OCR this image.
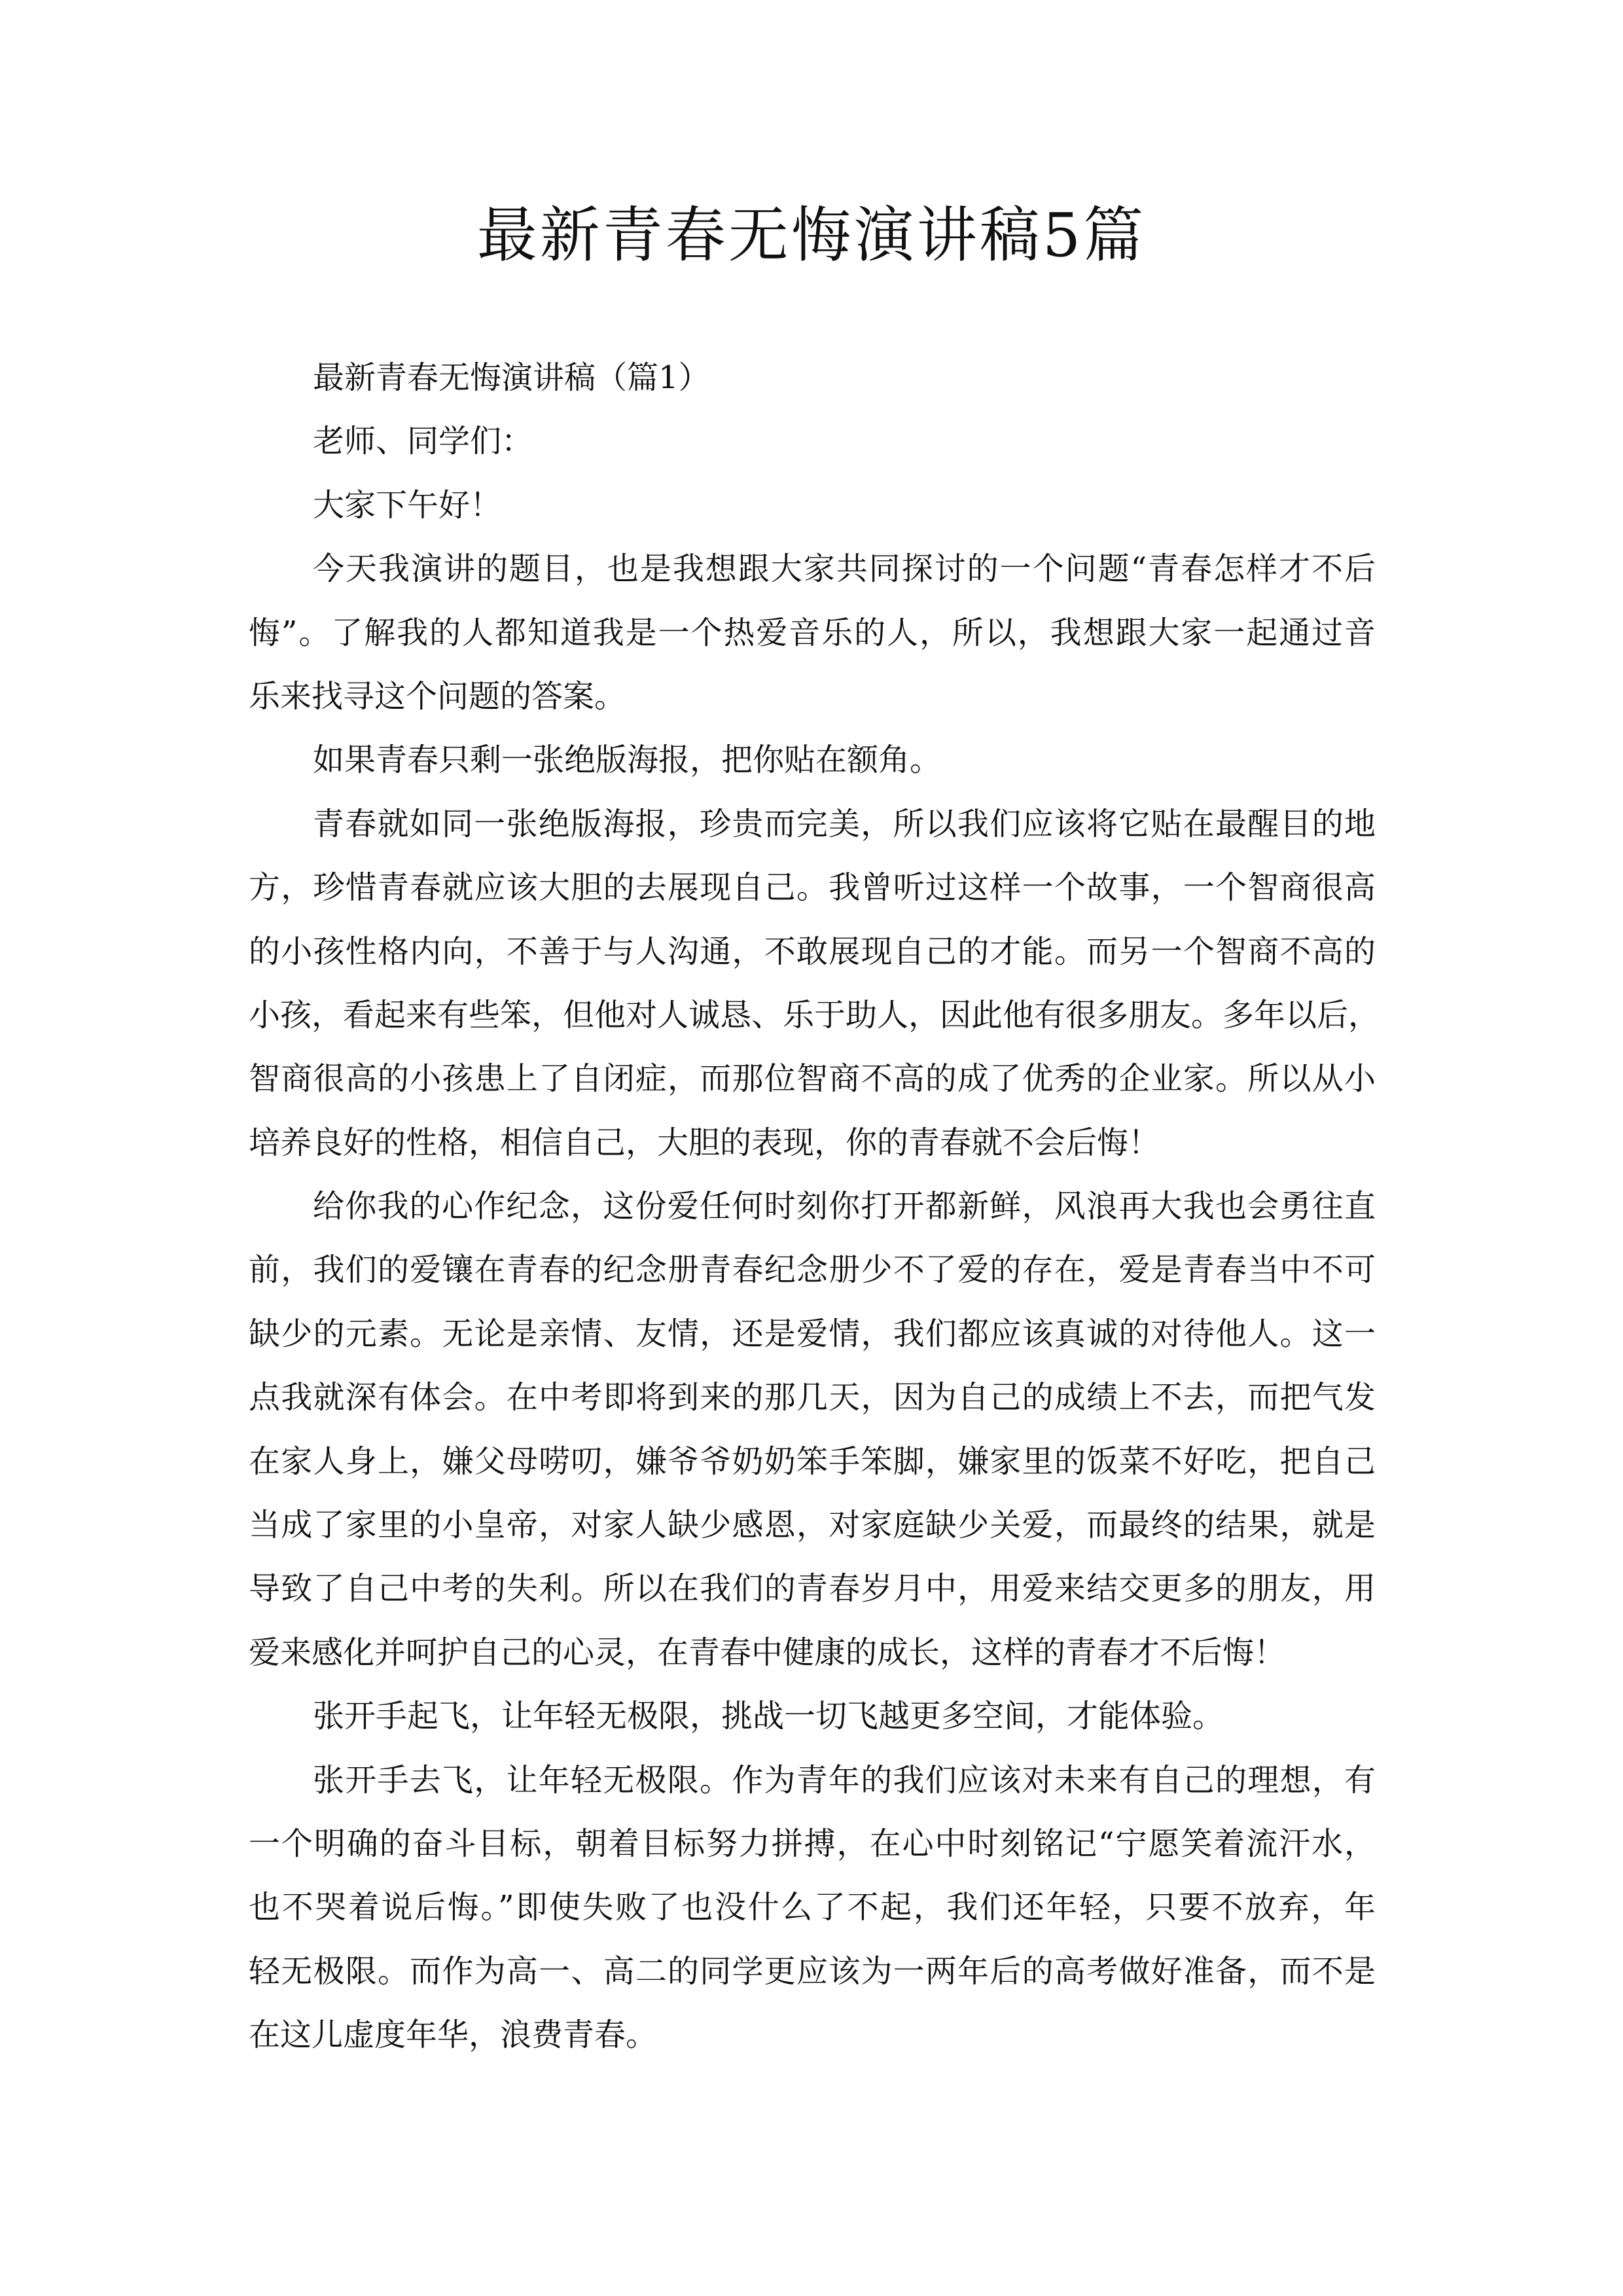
最新青春无悔演讲稿5篇
最新青春无悔演讲稿（篇1）
老师、同学们：
大家下午好！
今天我演讲的题目，也是我想跟大家共同探讨的一个问题“青春怎样才不后
悔”。了解我的人都知道我是一个热爱音乐的人，所以，我想跟大家一起通过音
乐来找寻这个问题的答案。
如果青春只剩一张绝版海报，把你贴在额角。
青春就如同一张绝版海报，珍贵而完美，所以我们应该将它贴在最醒目的地
方，珍惜青春就应该大胆的去展现自己。我曾听过这样一个故事，一个智商很高
的小孩性格内向，不善于与人沟通，不敢展现自己的才能。而另一个智商不高的
小孩，看起来有些笨，但他对人诚恳、乐于助人，因此他有很多朋友。多年以后，
智商很高的小孩患上了自闭症，而那位智商不高的成了优秀的企业家。所以从小
培养良好的性格，相信自己，大胆的表现，你的青春就不会后悔！
给你我的心作纪念，这份爱任何时刻你打开都新鲜，风浪再大我也会勇往直
前，我们的爱镶在青春的纪念册青春纪念册少不了爱的存在，爱是青春当中不可
缺少的元素。无论是亲情、友情，还是爱情，我们都应该真诚的对待他人。这一
点我就深有体会。在中考即将到来的那几天，因为自己的成绩上不去，而把气发
在家人身上，嫌父母唠叨，嫌爷爷奶奶笨手笨脚，嫌家里的饭菜不好吃，把自己
当成了家里的小皇帝，对家人缺少感恩，对家庭缺少关爱，而最终的结果，就是
导致了自己中考的失利。所以在我们的青春岁月中，用爱来结交更多的朋友，用
爱来感化并呵护自己的心灵，在青春中健康的成长，这样的青春才不后悔！
张开手起飞，让年轻无极限，挑战一切飞越更多空间，才能体验。
张开手去飞，让年轻无极限。作为青年的我们应该对未来有自己的理想，有
一个明确的奋斗目标，朝着目标努力拼搏，在心中时刻铭记“宁愿笑着流汗水，
也不哭着说后悔。”即使失败了也没什么了不起，我们还年轻，只要不放弃，年
轻无极限。而作为高一、高二的同学更应该为一两年后的高考做好准备，而不是
在这儿虚度年华，浪费青春。
